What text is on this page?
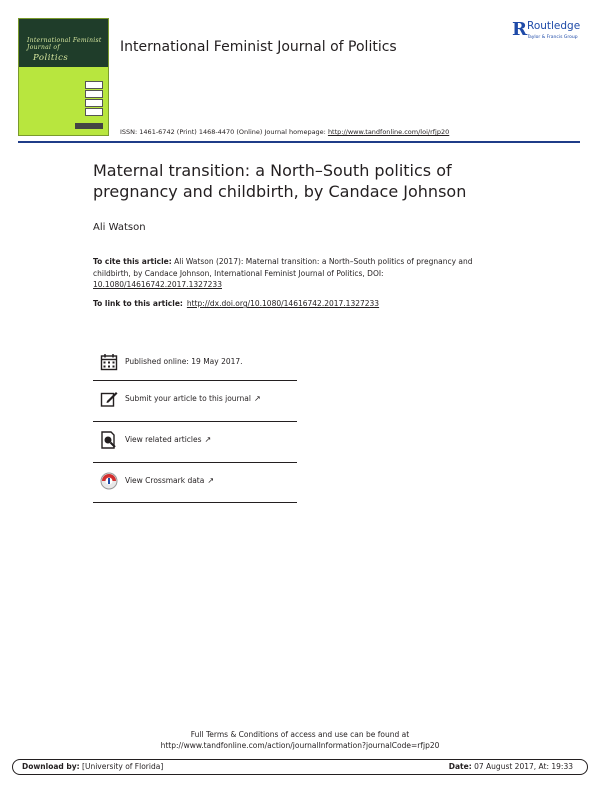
International Feminist
Journal of
Politics
International Feminist Journal of Politics
R Routledge
Taylor & Francis Group
ISSN: 1461-6742 (Print) 1468-4470 (Online) Journal homepage: http://www.tandfonline.com/loi/rfjp20
Maternal transition: a North–South politics of pregnancy and childbirth, by Candace Johnson
Ali Watson
To cite this article: Ali Watson (2017): Maternal transition: a North–South politics of pregnancy and childbirth, by Candace Johnson, International Feminist Journal of Politics, DOI: 10.1080/14616742.2017.1327233
To link to this article: http://dx.doi.org/10.1080/14616742.2017.1327233
Published online: 19 May 2017.
Submit your article to this journal ↗
View related articles ↗
View Crossmark data ↗
Full Terms & Conditions of access and use can be found at
http://www.tandfonline.com/action/journalInformation?journalCode=rfjp20
Download by: [University of Florida]	Date: 07 August 2017, At: 19:33
